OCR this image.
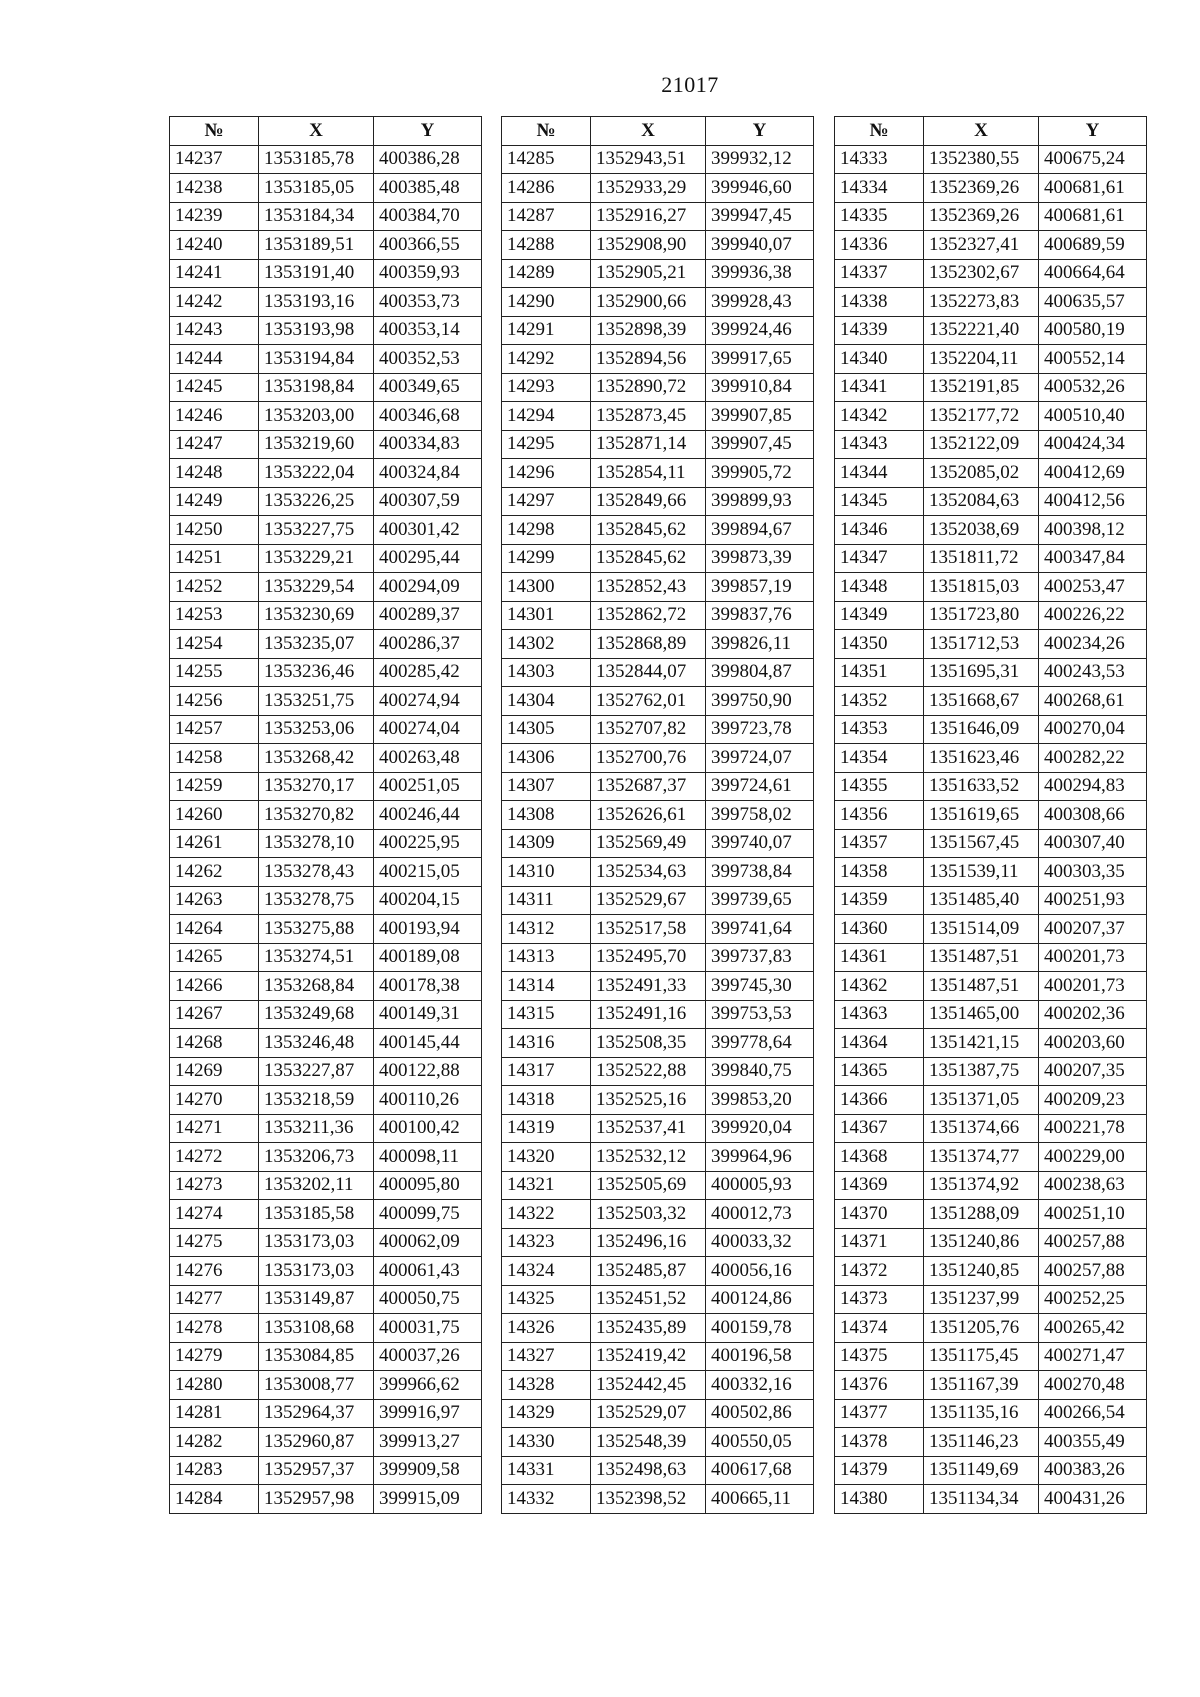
21017
№	X	Y
14237	1353185,78	400386,28
14238	1353185,05	400385,48
14239	1353184,34	400384,70
14240	1353189,51	400366,55
14241	1353191,40	400359,93
14242	1353193,16	400353,73
14243	1353193,98	400353,14
14244	1353194,84	400352,53
14245	1353198,84	400349,65
14246	1353203,00	400346,68
14247	1353219,60	400334,83
14248	1353222,04	400324,84
14249	1353226,25	400307,59
14250	1353227,75	400301,42
14251	1353229,21	400295,44
14252	1353229,54	400294,09
14253	1353230,69	400289,37
14254	1353235,07	400286,37
14255	1353236,46	400285,42
14256	1353251,75	400274,94
14257	1353253,06	400274,04
14258	1353268,42	400263,48
14259	1353270,17	400251,05
14260	1353270,82	400246,44
14261	1353278,10	400225,95
14262	1353278,43	400215,05
14263	1353278,75	400204,15
14264	1353275,88	400193,94
14265	1353274,51	400189,08
14266	1353268,84	400178,38
14267	1353249,68	400149,31
14268	1353246,48	400145,44
14269	1353227,87	400122,88
14270	1353218,59	400110,26
14271	1353211,36	400100,42
14272	1353206,73	400098,11
14273	1353202,11	400095,80
14274	1353185,58	400099,75
14275	1353173,03	400062,09
14276	1353173,03	400061,43
14277	1353149,87	400050,75
14278	1353108,68	400031,75
14279	1353084,85	400037,26
14280	1353008,77	399966,62
14281	1352964,37	399916,97
14282	1352960,87	399913,27
14283	1352957,37	399909,58
14284	1352957,98	399915,09
№	X	Y
14285	1352943,51	399932,12
14286	1352933,29	399946,60
14287	1352916,27	399947,45
14288	1352908,90	399940,07
14289	1352905,21	399936,38
14290	1352900,66	399928,43
14291	1352898,39	399924,46
14292	1352894,56	399917,65
14293	1352890,72	399910,84
14294	1352873,45	399907,85
14295	1352871,14	399907,45
14296	1352854,11	399905,72
14297	1352849,66	399899,93
14298	1352845,62	399894,67
14299	1352845,62	399873,39
14300	1352852,43	399857,19
14301	1352862,72	399837,76
14302	1352868,89	399826,11
14303	1352844,07	399804,87
14304	1352762,01	399750,90
14305	1352707,82	399723,78
14306	1352700,76	399724,07
14307	1352687,37	399724,61
14308	1352626,61	399758,02
14309	1352569,49	399740,07
14310	1352534,63	399738,84
14311	1352529,67	399739,65
14312	1352517,58	399741,64
14313	1352495,70	399737,83
14314	1352491,33	399745,30
14315	1352491,16	399753,53
14316	1352508,35	399778,64
14317	1352522,88	399840,75
14318	1352525,16	399853,20
14319	1352537,41	399920,04
14320	1352532,12	399964,96
14321	1352505,69	400005,93
14322	1352503,32	400012,73
14323	1352496,16	400033,32
14324	1352485,87	400056,16
14325	1352451,52	400124,86
14326	1352435,89	400159,78
14327	1352419,42	400196,58
14328	1352442,45	400332,16
14329	1352529,07	400502,86
14330	1352548,39	400550,05
14331	1352498,63	400617,68
14332	1352398,52	400665,11
№	X	Y
14333	1352380,55	400675,24
14334	1352369,26	400681,61
14335	1352369,26	400681,61
14336	1352327,41	400689,59
14337	1352302,67	400664,64
14338	1352273,83	400635,57
14339	1352221,40	400580,19
14340	1352204,11	400552,14
14341	1352191,85	400532,26
14342	1352177,72	400510,40
14343	1352122,09	400424,34
14344	1352085,02	400412,69
14345	1352084,63	400412,56
14346	1352038,69	400398,12
14347	1351811,72	400347,84
14348	1351815,03	400253,47
14349	1351723,80	400226,22
14350	1351712,53	400234,26
14351	1351695,31	400243,53
14352	1351668,67	400268,61
14353	1351646,09	400270,04
14354	1351623,46	400282,22
14355	1351633,52	400294,83
14356	1351619,65	400308,66
14357	1351567,45	400307,40
14358	1351539,11	400303,35
14359	1351485,40	400251,93
14360	1351514,09	400207,37
14361	1351487,51	400201,73
14362	1351487,51	400201,73
14363	1351465,00	400202,36
14364	1351421,15	400203,60
14365	1351387,75	400207,35
14366	1351371,05	400209,23
14367	1351374,66	400221,78
14368	1351374,77	400229,00
14369	1351374,92	400238,63
14370	1351288,09	400251,10
14371	1351240,86	400257,88
14372	1351240,85	400257,88
14373	1351237,99	400252,25
14374	1351205,76	400265,42
14375	1351175,45	400271,47
14376	1351167,39	400270,48
14377	1351135,16	400266,54
14378	1351146,23	400355,49
14379	1351149,69	400383,26
14380	1351134,34	400431,26
